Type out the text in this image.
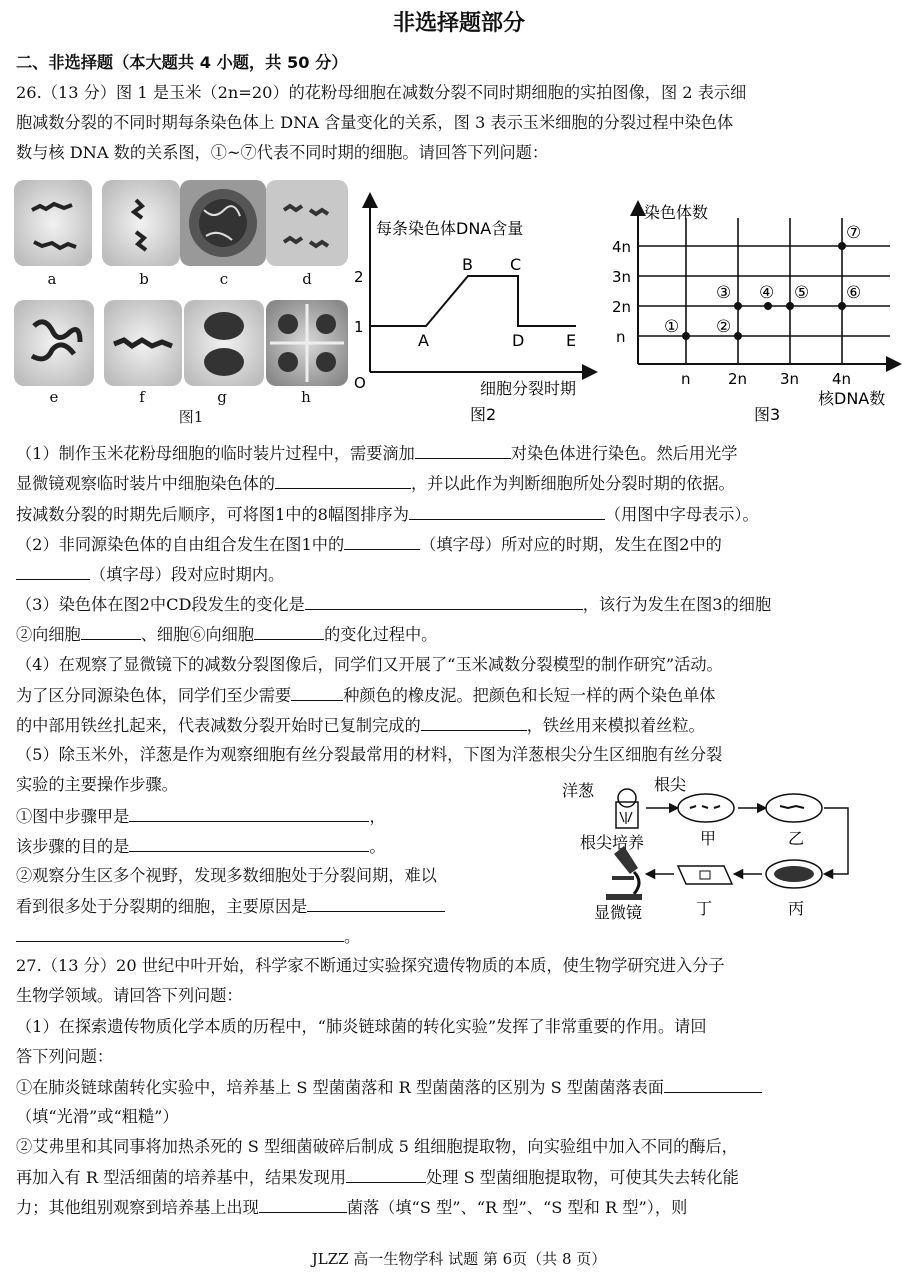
非选择题部分
二、非选择题（本大题共 4 小题，共 50 分）
26.（13 分）图 1 是玉米（2n=20）的花粉母细胞在减数分裂不同时期细胞的实拍图像，图 2 表示细
胞减数分裂的不同时期每条染色体上 DNA 含量变化的关系，图 3 表示玉米细胞的分裂过程中染色体
数与核 DNA 数的关系图，①~⑦代表不同时期的细胞。请回答下列问题：
a	b	c	d
e	f	g	h
图1
每条染色体DNA含量
细胞分裂时期
O
1
2
A
B C
D	E
图2
染色体数
n
2n
3n
4n
n 2n 3n 4n
核DNA数
图3
① ②
③ ④ ⑤ ⑥
⑦
（1）制作玉米花粉母细胞的临时装片过程中，需要滴加	对染色体进行染色。然后用光学
显微镜观察临时装片中细胞染色体的	，并以此作为判断细胞所处分裂时期的依据。
按减数分裂的时期先后顺序，可将图1中的8幅图排序为	（用图中字母表示）。
（2）非同源染色体的自由组合发生在图1中的	（填字母）所对应的时期，发生在图2中的
（填字母）段对应时期内。
（3）染色体在图2中CD段发生的变化是	，该行为发生在图3的细胞
②向细胞	、细胞⑥向细胞	的变化过程中。
（4）在观察了显微镜下的减数分裂图像后，同学们又开展了“玉米减数分裂模型的制作研究”活动。
为了区分同源染色体，同学们至少需要	种颜色的橡皮泥。把颜色和长短一样的两个染色单体
的中部用铁丝扎起来，代表减数分裂开始时已复制完成的	，铁丝用来模拟着丝粒。
（5）除玉米外，洋葱是作为观察细胞有丝分裂最常用的材料，下图为洋葱根尖分生区细胞有丝分裂
实验的主要操作步骤。
①图中步骤甲是	，
该步骤的目的是	。
②观察分生区多个视野，发现多数细胞处于分裂间期，难以
看到很多处于分裂期的细胞，主要原因是
。
洋葱	根尖
根尖培养	甲	乙
丙
丁
显微镜
27.（13 分）20 世纪中叶开始，科学家不断通过实验探究遗传物质的本质，使生物学研究进入分子
生物学领域。请回答下列问题：
（1）在探索遗传物质化学本质的历程中，“肺炎链球菌的转化实验”发挥了非常重要的作用。请回
答下列问题：
①在肺炎链球菌转化实验中，培养基上 S 型菌菌落和 R 型菌菌落的区别为 S 型菌菌落表面
（填“光滑”或“粗糙”）
②艾弗里和其同事将加热杀死的 S 型细菌破碎后制成 5 组细胞提取物，向实验组中加入不同的酶后，
再加入有 R 型活细菌的培养基中，结果发现用	处理 S 型菌细胞提取物，可使其失去转化能
力；其他组别观察到培养基上出现	菌落（填“S 型”、“R 型”、“S 型和 R 型”），则
JLZZ 高一生物学科 试题 第 6页（共 8 页）
